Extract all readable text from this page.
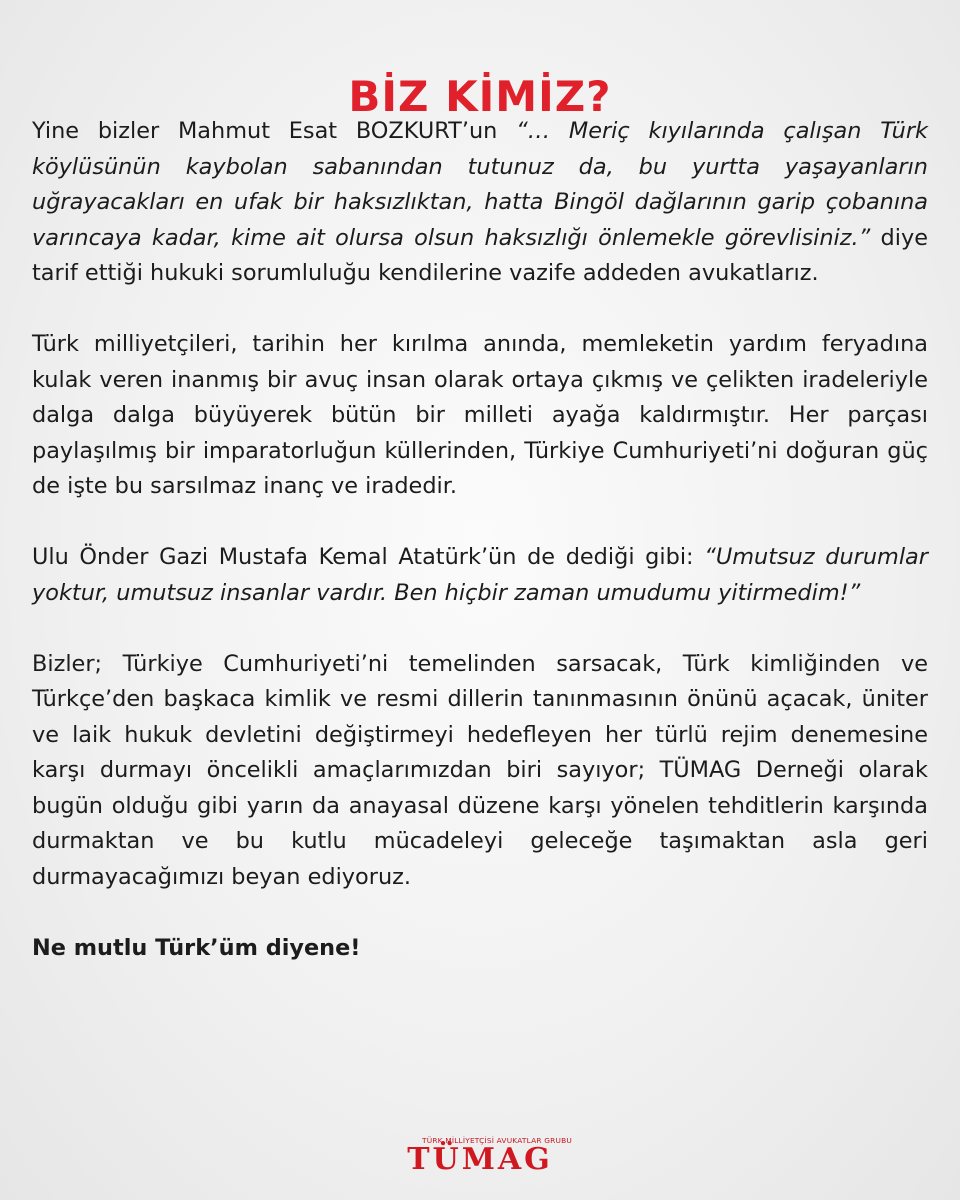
BİZ KİMİZ?

Yine bizler Mahmut Esat BOZKURT’un “… Meriç kıyılarında çalışan Türk köylüsünün kaybolan sabanından tutunuz da, bu yurtta yaşayanların uğrayacakları en ufak bir haksızlıktan, hatta Bingöl dağlarının garip çobanına varıncaya kadar, kime ait olursa olsun haksızlığı önlemekle görevlisiniz.” diye tarif ettiği hukuki sorumluluğu kendilerine vazife addeden avukatlarız.

Türk milliyetçileri, tarihin her kırılma anında, memleketin yardım feryadına kulak veren inanmış bir avuç insan olarak ortaya çıkmış ve çelikten iradeleriyle dalga dalga büyüyerek bütün bir milleti ayağa kaldırmıştır. Her parçası paylaşılmış bir imparatorluğun küllerinden, Türkiye Cumhuriyeti’ni doğuran güç de işte bu sarsılmaz inanç ve iradedir.

Ulu Önder Gazi Mustafa Kemal Atatürk’ün de dediği gibi: “Umutsuz durumlar yoktur, umutsuz insanlar vardır. Ben hiçbir zaman umudumu yitirmedim!”

Bizler; Türkiye Cumhuriyeti’ni temelinden sarsacak, Türk kimliğinden ve Türkçe’den başkaca kimlik ve resmi dillerin tanınmasının önünü açacak, üniter ve laik hukuk devletini değiştirmeyi hedefleyen her türlü rejim denemesine karşı durmayı öncelikli amaçlarımızdan biri sayıyor; TÜMAG Derneği olarak bugün olduğu gibi yarın da anayasal düzene karşı yönelen tehditlerin karşında durmaktan ve bu kutlu mücadeleyi geleceğe taşımaktan asla geri durmayacağımızı beyan ediyoruz.

Ne mutlu Türk’üm diyene!

TÜRK MİLLİYETÇİSİ AVUKATLAR GRUBU
TÜMAG
